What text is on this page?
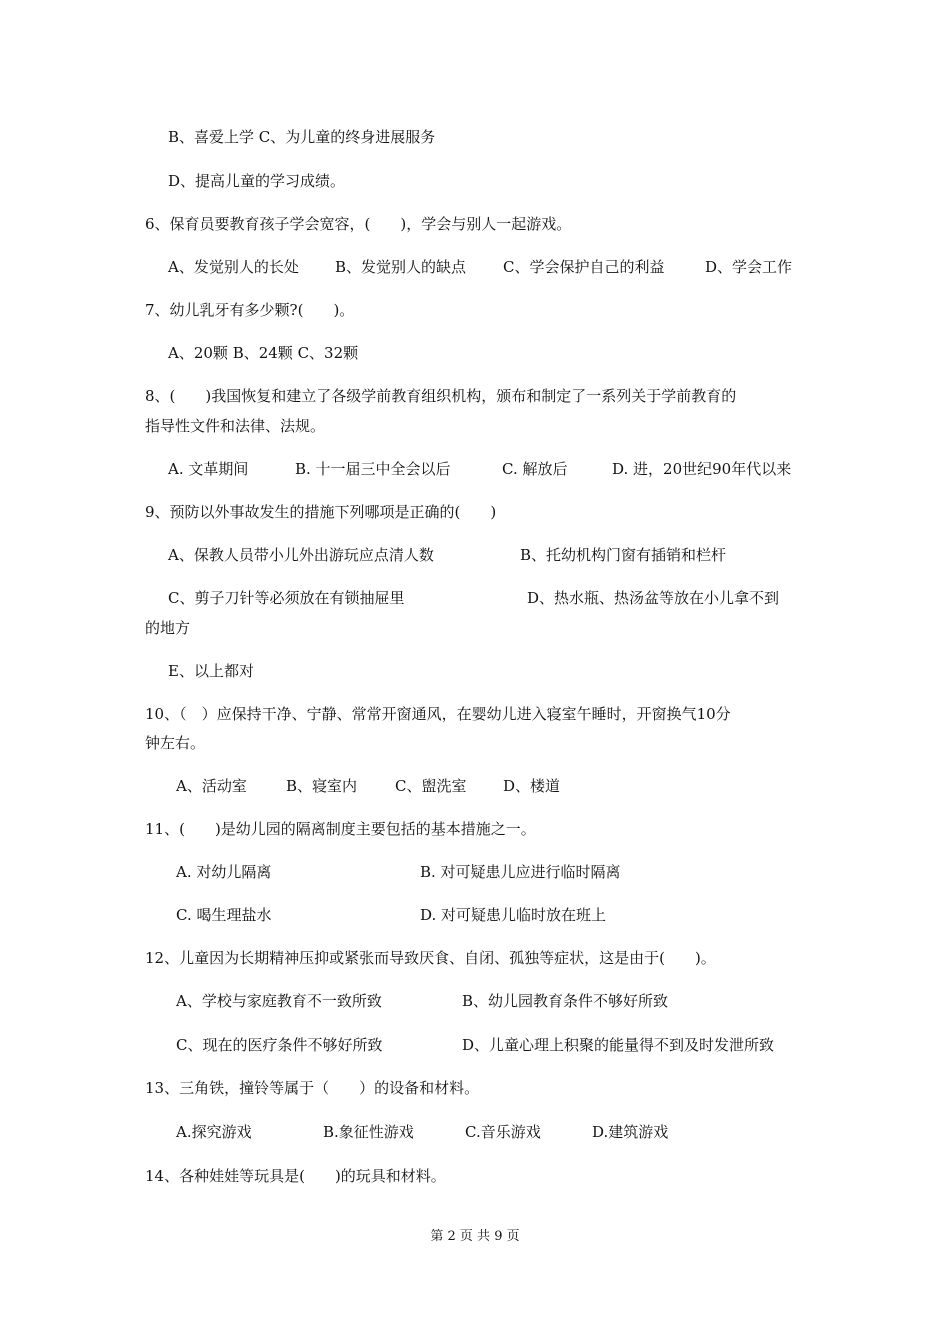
B、喜爱上学 C、为儿童的终身进展服务
D、提高儿童的学习成绩。
6、保育员要教育孩子学会宽容，(　　)，学会与别人一起游戏。
A、发觉别人的长处 B、发觉别人的缺点 C、学会保护自己的利益	D、学会工作
7、幼儿乳牙有多少颗?(　　)。
A、20颗 B、24颗 C、32颗
8、(　　)我国恢复和建立了各级学前教育组织机构，颁布和制定了一系列关于学前教育的
指导性文件和法律、法规。
A. 文革期间	B. 十一届三中全会以后	C. 解放后	D. 进，20世纪90年代以来
9、预防以外事故发生的措施下列哪项是正确的(　　)
A、保教人员带小儿外出游玩应点清人数	B、托幼机构门窗有插销和栏杆
C、剪子刀针等必须放在有锁抽屉里	D、热水瓶、热汤盆等放在小儿拿不到
的地方
E、以上都对
10、（　）应保持干净、宁静、常常开窗通风，在婴幼儿进入寝室午睡时，开窗换气10分
钟左右。
A、活动室	B、寝室内	C、盥洗室 D、楼道
11、(　　)是幼儿园的隔离制度主要包括的基本措施之一。
A. 对幼儿隔离	B. 对可疑患儿应进行临时隔离
C. 喝生理盐水	D. 对可疑患儿临时放在班上
12、儿童因为长期精神压抑或紧张而导致厌食、自闭、孤独等症状，这是由于(　　)。
A、学校与家庭教育不一致所致	B、幼儿园教育条件不够好所致
C、现在的医疗条件不够好所致	D、儿童心理上积聚的能量得不到及时发泄所致
13、三角铁，撞铃等属于（　　）的设备和材料。
A.探究游戏	B.象征性游戏	C.音乐游戏	D.建筑游戏
14、各种娃娃等玩具是(　　)的玩具和材料。
第 2 页 共 9 页
